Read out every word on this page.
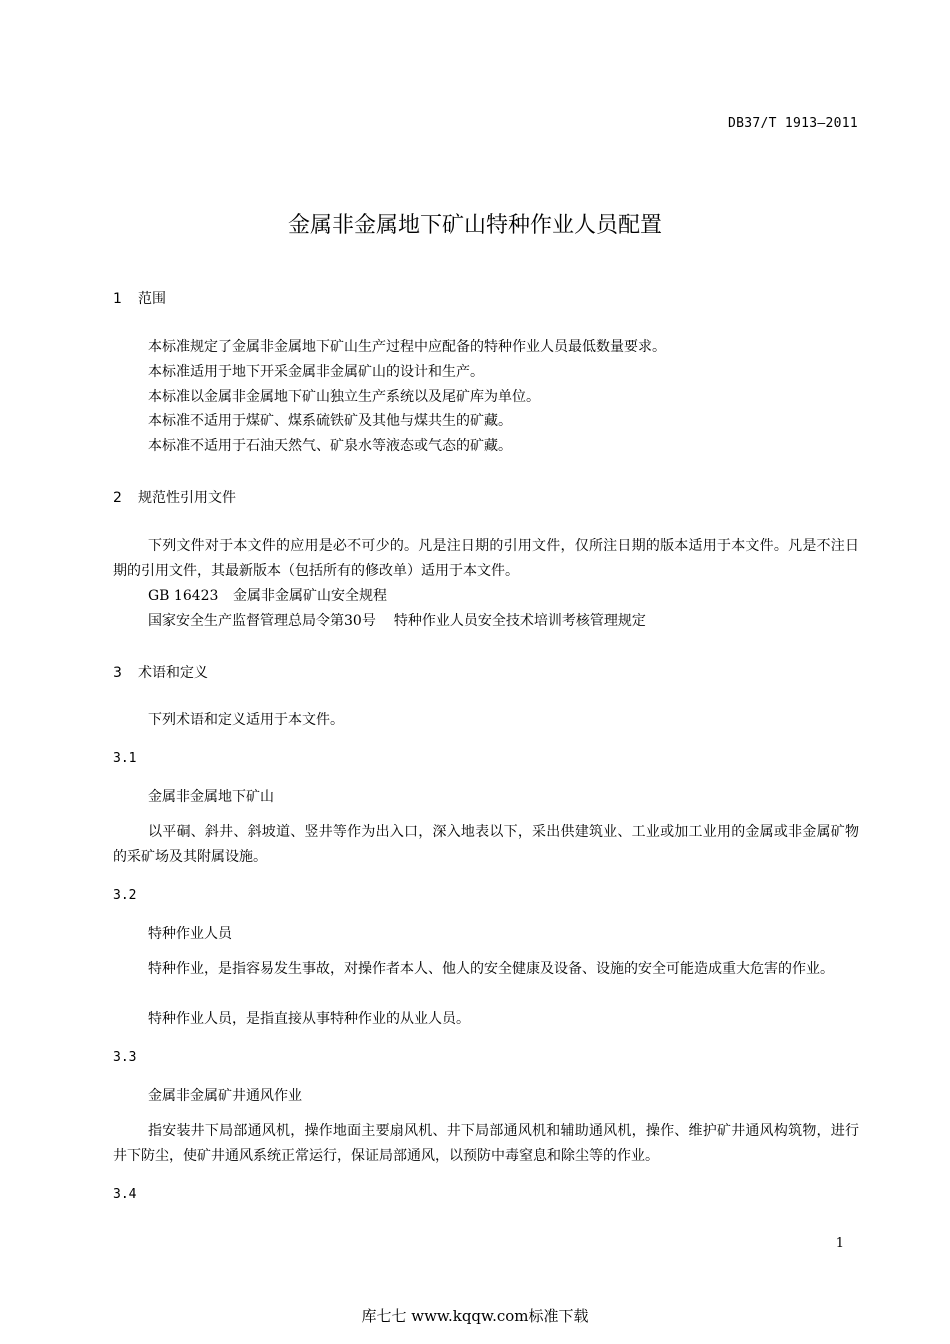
DB37/T 1913—2011
金属非金属地下矿山特种作业人员配置
1 范围
本标准规定了金属非金属地下矿山生产过程中应配备的特种作业人员最低数量要求。
本标准适用于地下开采金属非金属矿山的设计和生产。
本标准以金属非金属地下矿山独立生产系统以及尾矿库为单位。
本标准不适用于煤矿、煤系硫铁矿及其他与煤共生的矿藏。
本标准不适用于石油天然气、矿泉水等液态或气态的矿藏。
2 规范性引用文件
下列文件对于本文件的应用是必不可少的。凡是注日期的引用文件，仅所注日期的版本适用于本文件。凡是不注日期的引用文件，其最新版本（包括所有的修改单）适用于本文件。
GB 16423 金属非金属矿山安全规程
国家安全生产监督管理总局令第30号 特种作业人员安全技术培训考核管理规定
3 术语和定义
下列术语和定义适用于本文件。
3.1
金属非金属地下矿山
以平硐、斜井、斜坡道、竖井等作为出入口，深入地表以下，采出供建筑业、工业或加工业用的金属或非金属矿物的采矿场及其附属设施。
3.2
特种作业人员
特种作业，是指容易发生事故，对操作者本人、他人的安全健康及设备、设施的安全可能造成重大危害的作业。
特种作业人员，是指直接从事特种作业的从业人员。
3.3
金属非金属矿井通风作业
指安装井下局部通风机，操作地面主要扇风机、井下局部通风机和辅助通风机，操作、维护矿井通风构筑物，进行井下防尘，使矿井通风系统正常运行，保证局部通风，以预防中毒窒息和除尘等的作业。
3.4
1
库七七 www.kqqw.com标准下载
